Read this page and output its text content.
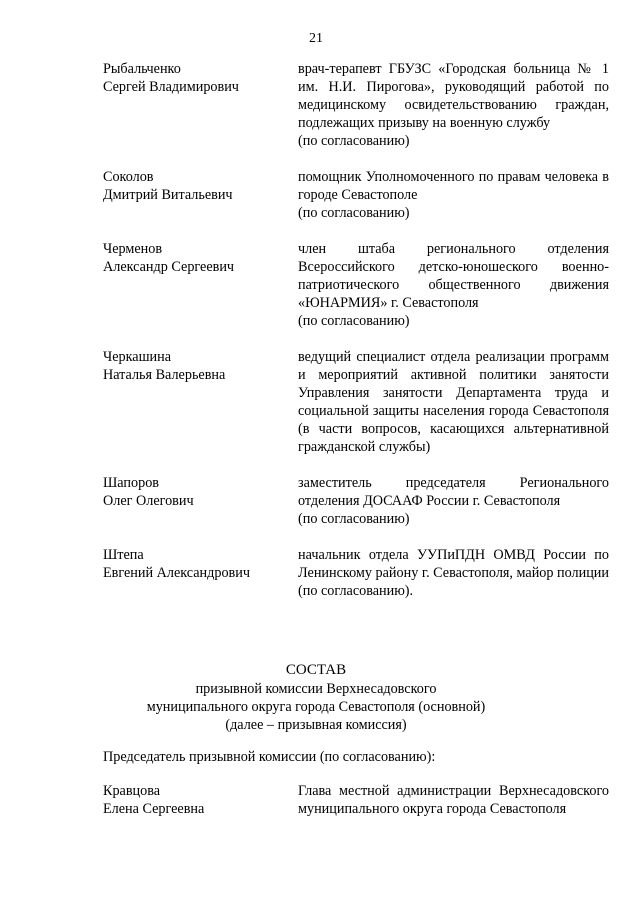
21
Рыбальченко
Сергей Владимирович
врач-терапевт ГБУЗС «Городская больница № 1 им. Н.И. Пирогова», руководящий работой по медицинскому освидетельствованию граждан, подлежащих призыву на военную службу
(по согласованию)
Соколов
Дмитрий Витальевич
помощник Уполномоченного по правам человека в городе Севастополе
(по согласованию)
Черменов
Александр Сергеевич
член штаба регионального отделения Всероссийского детско-юношеского военно-патриотического общественного движения «ЮНАРМИЯ» г. Севастополя
(по согласованию)
Черкашина
Наталья Валерьевна
ведущий специалист отдела реализации программ и мероприятий активной политики занятости Управления занятости Департамента труда и социальной защиты населения города Севастополя (в части вопросов, касающихся альтернативной гражданской службы)
Шапоров
Олег Олегович
заместитель председателя Регионального отделения ДОСААФ России г. Севастополя
(по согласованию)
Штепа
Евгений Александрович
начальник отдела УУПиПДН ОМВД России по Ленинскому району г. Севастополя, майор полиции (по согласованию).
СОСТАВ
призывной комиссии Верхнесадовского
муниципального округа города Севастополя (основной)
(далее – призывная комиссия)
Председатель призывной комиссии (по согласованию):
Кравцова
Елена Сергеевна
Глава местной администрации Верхнесадовского муниципального округа города Севастополя
